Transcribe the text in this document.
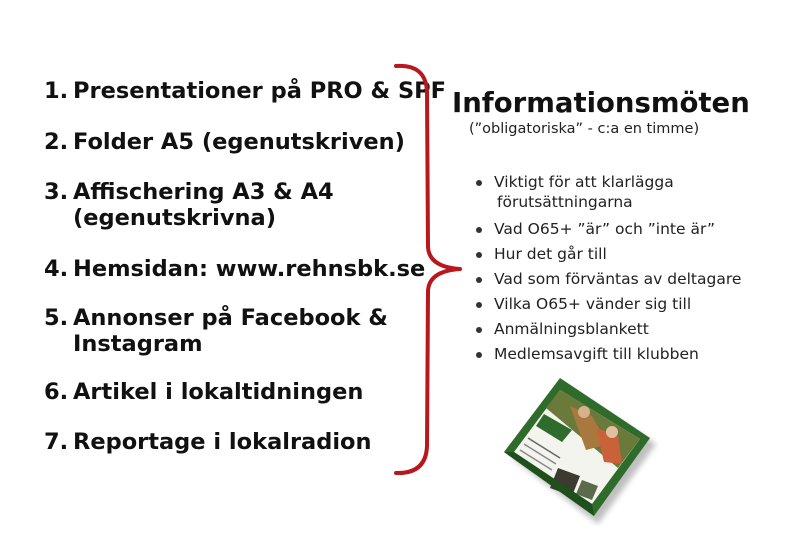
1. Presentationer på PRO & SPF
2. Folder A5 (egenutskriven)
3. Affischering A3 & A4
(egenutskrivna)
4. Hemsidan: www.rehnsbk.se
5. Annonser på Facebook &
Instagram
6. Artikel i lokaltidningen
7. Reportage i lokalradion
Informationsmöten
(”obligatoriska” - c:a en timme)
Viktigt för att klarlägga
förutsättningarna
Vad O65+ ”är” och ”inte är”
Hur det går till
Vad som förväntas av deltagare
Vilka O65+ vänder sig till
Anmälningsblankett
Medlemsavgift till klubben
